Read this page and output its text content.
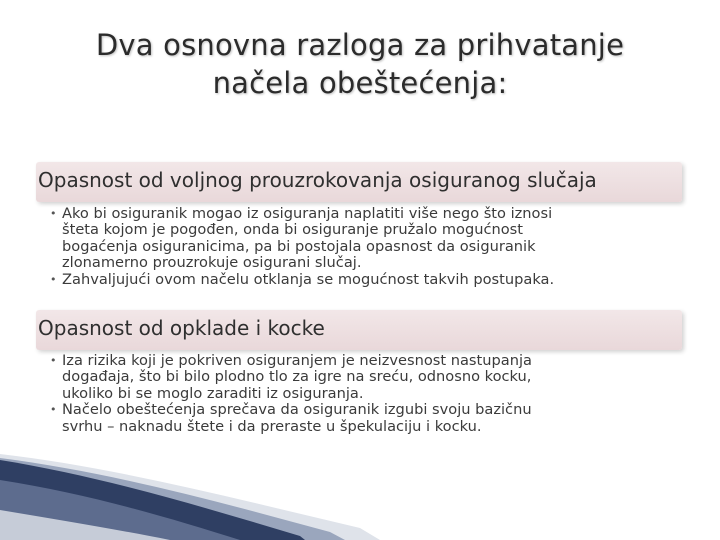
Dva osnovna razloga za prihvatanje
načela obeštećenja:
Opasnost od voljnog prouzrokovanja osiguranog slučaja
• Ako bi osiguranik mogao iz osiguranja naplatiti više nego što iznosi
šteta kojom je pogođen, onda bi osiguranje pružalo mogućnost
bogaćenja osiguranicima, pa bi postojala opasnost da osiguranik
zlonamerno prouzrokuje osigurani slučaj.
• Zahvaljujući ovom načelu otklanja se mogućnost takvih postupaka.
Opasnost od opklade i kocke
• Iza rizika koji je pokriven osiguranjem je neizvesnost nastupanja
događaja, što bi bilo plodno tlo za igre na sreću, odnosno kocku,
ukoliko bi se moglo zaraditi iz osiguranja.
• Načelo obeštećenja sprečava da osiguranik izgubi svoju bazičnu
svrhu – naknadu štete i da preraste u špekulaciju i kocku.
